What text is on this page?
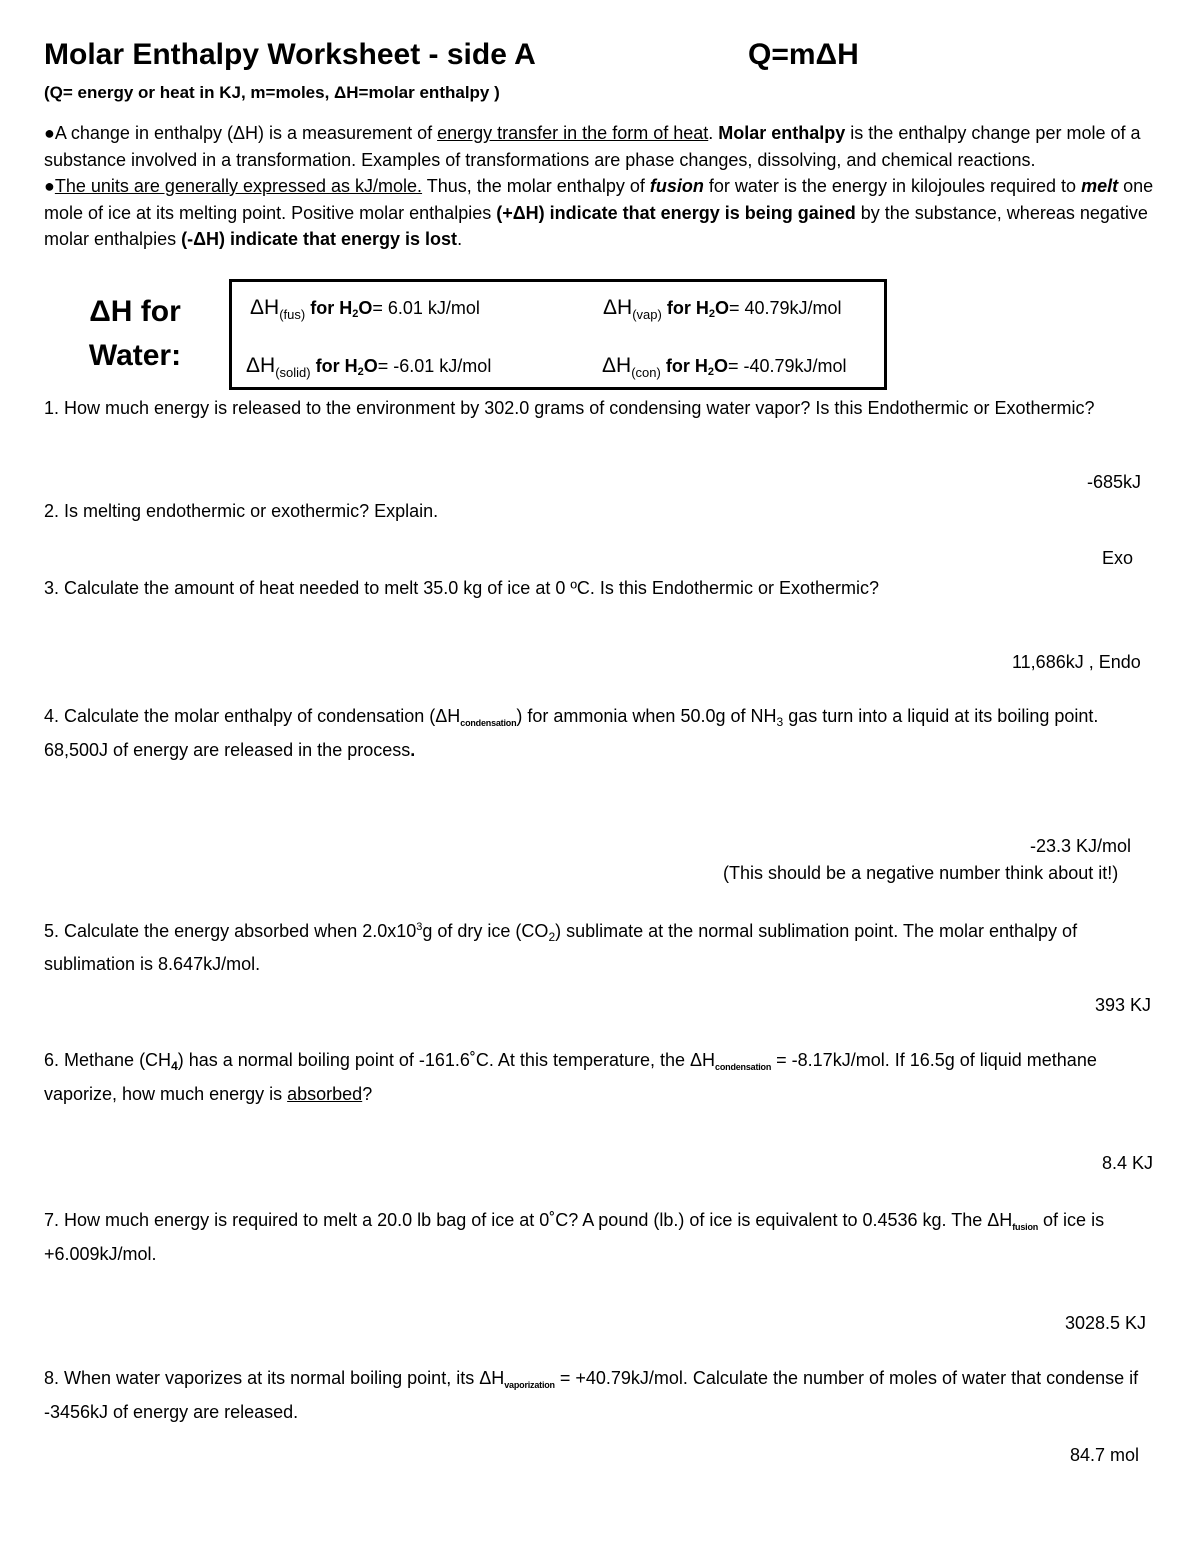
Molar Enthalpy Worksheet - side A	Q=mΔH
(Q= energy or heat in KJ, m=moles, ΔH=molar enthalpy )

●A change in enthalpy (ΔH) is a measurement of energy transfer in the form of heat. Molar enthalpy is the enthalpy change per mole of a substance involved in a transformation. Examples of transformations are phase changes, dissolving, and chemical reactions.

●The units are generally expressed as kJ/mole. Thus, the molar enthalpy of fusion for water is the energy in kilojoules required to melt one mole of ice at its melting point. Positive molar enthalpies (+ΔH) indicate that energy is being gained by the substance, whereas negative molar enthalpies (-ΔH) indicate that energy is lost.

ΔH for
Water:
$\Delta H_{(fus)}$ for H2O= 6.01 kJ/mol	$\Delta H_{(vap)}$ for H2O= 40.79kJ/mol
$\Delta H_{(solid)}$ for H2O= -6.01 kJ/mol	$\Delta H_{(con)}$ for H2O= -40.79kJ/mol
1. How much energy is released to the environment by 302.0 grams of condensing water vapor? Is this Endothermic or Exothermic?
-685kJ
2. Is melting endothermic or exothermic? Explain.
Exo
3. Calculate the amount of heat needed to melt 35.0 kg of ice at 0 ºC. Is this Endothermic or Exothermic?
11,686kJ , Endo
4. Calculate the molar enthalpy of condensation $(\Delta H_{condensation})$ for ammonia when 50.0g of $NH_3$ gas turn into a liquid at its boiling point. 68,500J of energy are released in the process.
-23.3 KJ/mol
(This should be a negative number think about it!)
5. Calculate the energy absorbed when $2.0x10^3g$ of dry ice $(CO_2)$ sublimate at the normal sublimation point. The molar enthalpy of sublimation is 8.647kJ/mol.
393 KJ
6. Methane $(CH_4)$ has a normal boiling point of -161.6˚C. At this temperature, the $\Delta H_{condensation} = -8.17kJ/mol$. If 16.5g of liquid methane vaporize, how much energy is absorbed?
8.4 KJ
7. How much energy is required to melt a 20.0 lb bag of ice at 0˚C? A pound (lb.) of ice is equivalent to 0.4536 kg. The $\Delta H_{fusion}$ of ice is +6.009kJ/mol.
3028.5 KJ
8. When water vaporizes at its normal boiling point, its $\Delta H_{vaporization} = +40.79kJ/mol$. Calculate the number of moles of water that condense if -3456kJ of energy are released.
84.7 mol
